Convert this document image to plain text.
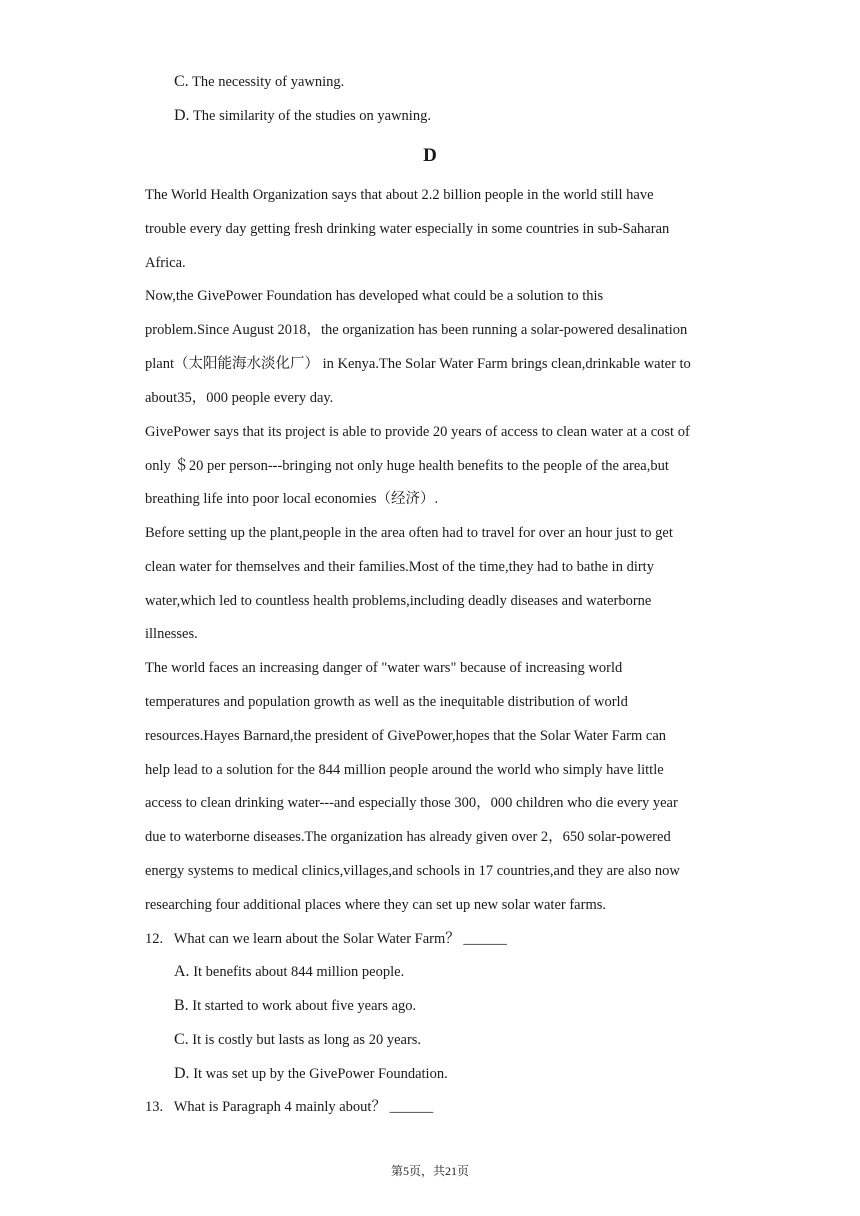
C. The necessity of yawning.
D. The similarity of the studies on yawning.
D
The World Health Organization says that about 2.2 billion people in the world still have
trouble every day getting fresh drinking water especially in some countries in sub-Saharan
Africa.
Now,the GivePower Foundation has developed what could be a solution to this
problem.Since August 2018，the organization has been running a solar-powered desalination
plant（太阳能海水淡化厂） in Kenya.The Solar Water Farm brings clean,drinkable water to
about35，000 people every day.
GivePower says that its project is able to provide 20 years of access to clean water at a cost of
only ＄20 per person---bringing not only huge health benefits to the people of the area,but
breathing life into poor local economies（经济）.
Before setting up the plant,people in the area often had to travel for over an hour just to get
clean water for themselves and their families.Most of the time,they had to bathe in dirty
water,which led to countless health problems,including deadly diseases and waterborne
illnesses.
The world faces an increasing danger of "water wars" because of increasing world
temperatures and population growth as well as the inequitable distribution of world
resources.Hayes Barnard,the president of GivePower,hopes that the Solar Water Farm can
help lead to a solution for the 844 million people around the world who simply have little
access to clean drinking water---and especially those 300，000 children who die every year
due to waterborne diseases.The organization has already given over 2，650 solar-powered
energy systems to medical clinics,villages,and schools in 17 countries,and they are also now
researching four additional places where they can set up new solar water farms.
12. What can we learn about the Solar Water Farm？ ______
A. It benefits about 844 million people.
B. It started to work about five years ago.
C. It is costly but lasts as long as 20 years.
D. It was set up by the GivePower Foundation.
13. What is Paragraph 4 mainly about？ ______
第5页，共21页
